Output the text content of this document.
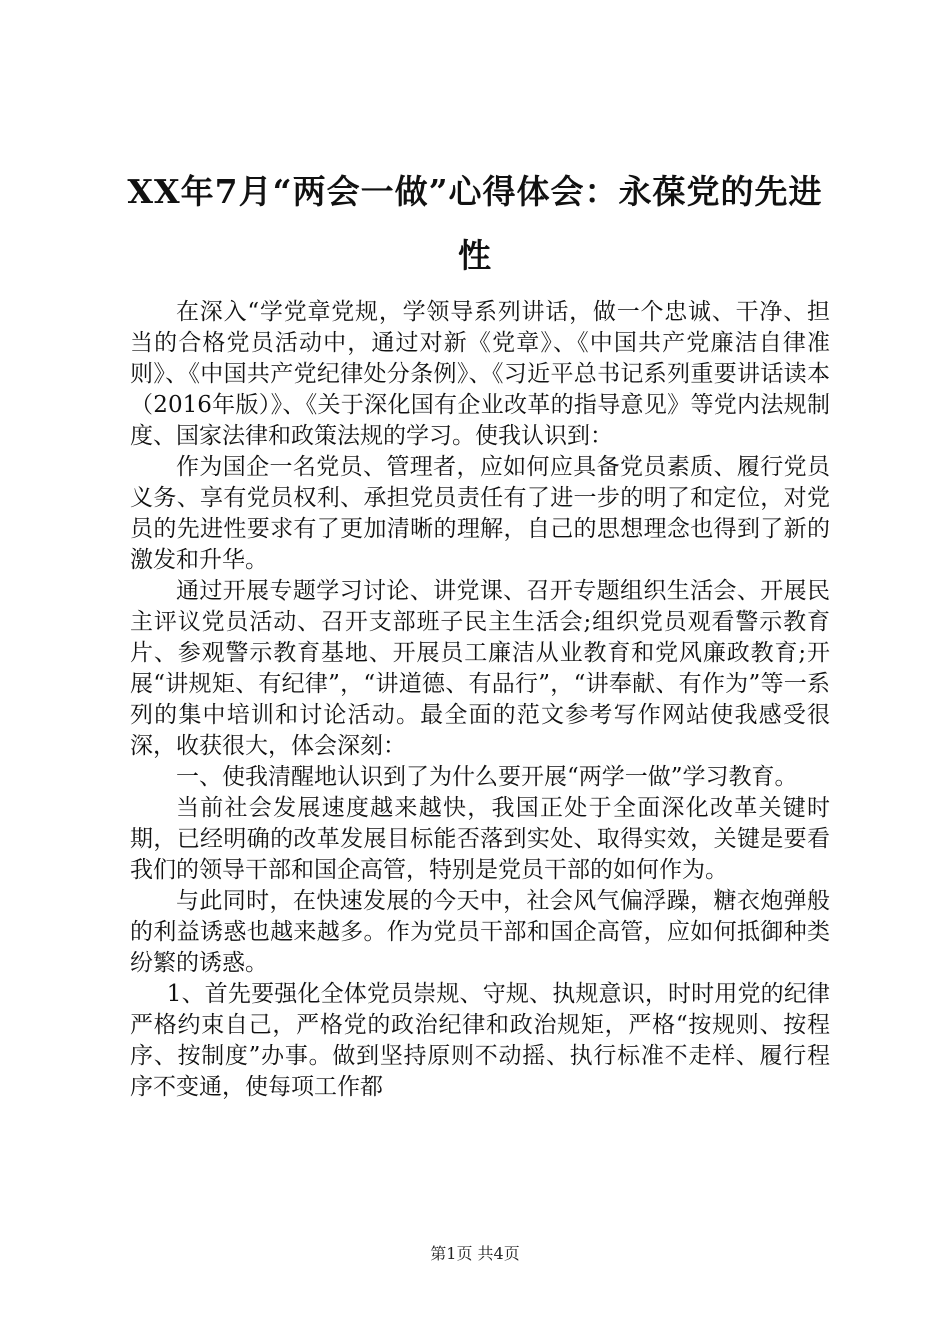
XX年7月“两会一做”心得体会：永葆党的先进性

在深入“学党章党规，学领导系列讲话，做一个忠诚、干净、担当的合格党员活动中，通过对新《党章》、《中国共产党廉洁自律准则》、《中国共产党纪律处分条例》、《习近平总书记系列重要讲话读本（2016年版）》、《关于深化国有企业改革的指导意见》等党内法规制度、国家法律和政策法规的学习。使我认识到：

作为国企一名党员、管理者，应如何应具备党员素质、履行党员义务、享有党员权利、承担党员责任有了进一步的明了和定位，对党员的先进性要求有了更加清晰的理解，自己的思想理念也得到了新的激发和升华。

通过开展专题学习讨论、讲党课、召开专题组织生活会、开展民主评议党员活动、召开支部班子民主生活会;组织党员观看警示教育片、参观警示教育基地、开展员工廉洁从业教育和党风廉政教育;开展“讲规矩、有纪律”，“讲道德、有品行”，“讲奉献、有作为”等一系列的集中培训和讨论活动。最全面的范文参考写作网站使我感受很深，收获很大，体会深刻：

一、使我清醒地认识到了为什么要开展“两学一做”学习教育。

当前社会发展速度越来越快，我国正处于全面深化改革关键时期，已经明确的改革发展目标能否落到实处、取得实效，关键是要看我们的领导干部和国企高管，特别是党员干部的如何作为。

与此同时，在快速发展的今天中，社会风气偏浮躁，糖衣炮弹般的利益诱惑也越来越多。作为党员干部和国企高管，应如何抵御种类纷繁的诱惑。

1、首先要强化全体党员崇规、守规、执规意识，时时用党的纪律严格约束自己，严格党的政治纪律和政治规矩，严格“按规则、按程序、按制度”办事。做到坚持原则不动摇、执行标准不走样、履行程序不变通，使每项工作都

第1页 共4页
